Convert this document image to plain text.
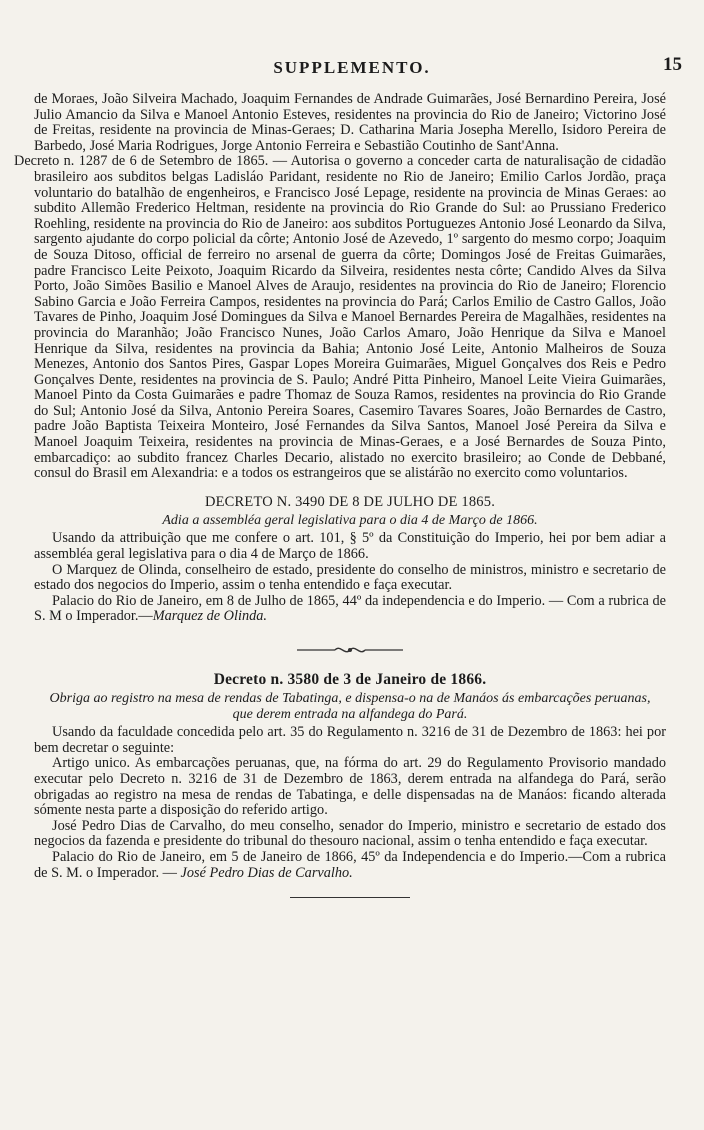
SUPPLEMENTO.	15

de Moraes, João Silveira Machado, Joaquim Fernandes de Andrade Guimarães, José Bernardino Pereira, José Julio Amancio da Silva e Manoel Antonio Esteves, residentes na provincia do Rio de Janeiro; Victorino José de Freitas, residente na provincia de Minas-Geraes; D. Catharina Maria Josepha Merello, Isidoro Pereira de Barbedo, José Maria Rodrigues, Jorge Antonio Ferreira e Sebastião Coutinho de Sant'Anna.

Decreto n. 1287 de 6 de Setembro de 1865. — Autorisa o governo a conceder carta de naturalisação de cidadão brasileiro aos subditos belgas Ladisláo Paridant, residente no Rio de Janeiro; Emilio Carlos Jordão, praça voluntario do batalhão de engenheiros, e Francisco José Lepage, residente na provincia de Minas Geraes: ao subdito Allemão Frederico Heltman, residente na provincia do Rio Grande do Sul: ao Prussiano Frederico Roehling, residente na provincia do Rio de Janeiro: aos subditos Portuguezes Antonio José Leonardo da Silva, sargento ajudante do corpo policial da côrte; Antonio José de Azevedo, 1º sargento do mesmo corpo; Joaquim de Souza Ditoso, official de ferreiro no arsenal de guerra da côrte; Domingos José de Freitas Guimarães, padre Francisco Leite Peixoto, Joaquim Ricardo da Silveira, residentes nesta côrte; Candido Alves da Silva Porto, João Simões Basilio e Manoel Alves de Araujo, residentes na provincia do Rio de Janeiro; Florencio Sabino Garcia e João Ferreira Campos, residentes na provincia do Pará; Carlos Emilio de Castro Gallos, João Tavares de Pinho, Joaquim José Domingues da Silva e Manoel Bernardes Pereira de Magalhães, residentes na provincia do Maranhão; João Francisco Nunes, João Carlos Amaro, João Henrique da Silva e Manoel Henrique da Silva, residentes na provincia da Bahia; Antonio José Leite, Antonio Malheiros de Souza Menezes, Antonio dos Santos Pires, Gaspar Lopes Moreira Guimarães, Miguel Gonçalves dos Reis e Pedro Gonçalves Dente, residentes na provincia de S. Paulo; André Pitta Pinheiro, Manoel Leite Vieira Guimarães, Manoel Pinto da Costa Guimarães e padre Thomaz de Souza Ramos, residentes na provincia do Rio Grande do Sul; Antonio José da Silva, Antonio Pereira Soares, Casemiro Tavares Soares, João Bernardes de Castro, padre João Baptista Teixeira Monteiro, José Fernandes da Silva Santos, Manoel José Pereira da Silva e Manoel Joaquim Teixeira, residentes na provincia de Minas-Geraes, e a José Bernardes de Souza Pinto, embarcadiço: ao subdito francez Charles Decario, alistado no exercito brasileiro; ao Conde de Debbané, consul do Brasil em Alexandria: e a todos os estrangeiros que se alistárão no exercito como voluntarios.

DECRETO N. 3490 DE 8 DE JULHO DE 1865.
Adia a assembléa geral legislativa para o dia 4 de Março de 1866.

Usando da attribuição que me confere o art. 101, § 5º da Constituição do Imperio, hei por bem adiar a assembléa geral legislativa para o dia 4 de Março de 1866.

O Marquez de Olinda, conselheiro de estado, presidente do conselho de ministros, ministro e secretario de estado dos negocios do Imperio, assim o tenha entendido e faça executar.

Palacio do Rio de Janeiro, em 8 de Julho de 1865, 44º da independencia e do Imperio. — Com a rubrica de S. M o Imperador.—Marquez de Olinda.

Decreto n. 3580 de 3 de Janeiro de 1866.
Obriga ao registro na mesa de rendas de Tabatinga, e dispensa-o na de Manáos ás embarcações peruanas, que derem entrada na alfandega do Pará.

Usando da faculdade concedida pelo art. 35 do Regulamento n. 3216 de 31 de Dezembro de 1863: hei por bem decretar o seguinte:

Artigo unico. As embarcações peruanas, que, na fórma do art. 29 do Regulamento Provisorio mandado executar pelo Decreto n. 3216 de 31 de Dezembro de 1863, derem entrada na alfandega do Pará, serão obrigadas ao registro na mesa de rendas de Tabatinga, e delle dispensadas na de Manáos: ficando alterada sómente nesta parte a disposição do referido artigo.

José Pedro Dias de Carvalho, do meu conselho, senador do Imperio, ministro e secretario de estado dos negocios da fazenda e presidente do tribunal do thesouro nacional, assim o tenha entendido e faça executar.

Palacio do Rio de Janeiro, em 5 de Janeiro de 1866, 45º da Independencia e do Imperio.—Com a rubrica de S. M. o Imperador. — José Pedro Dias de Carvalho.
